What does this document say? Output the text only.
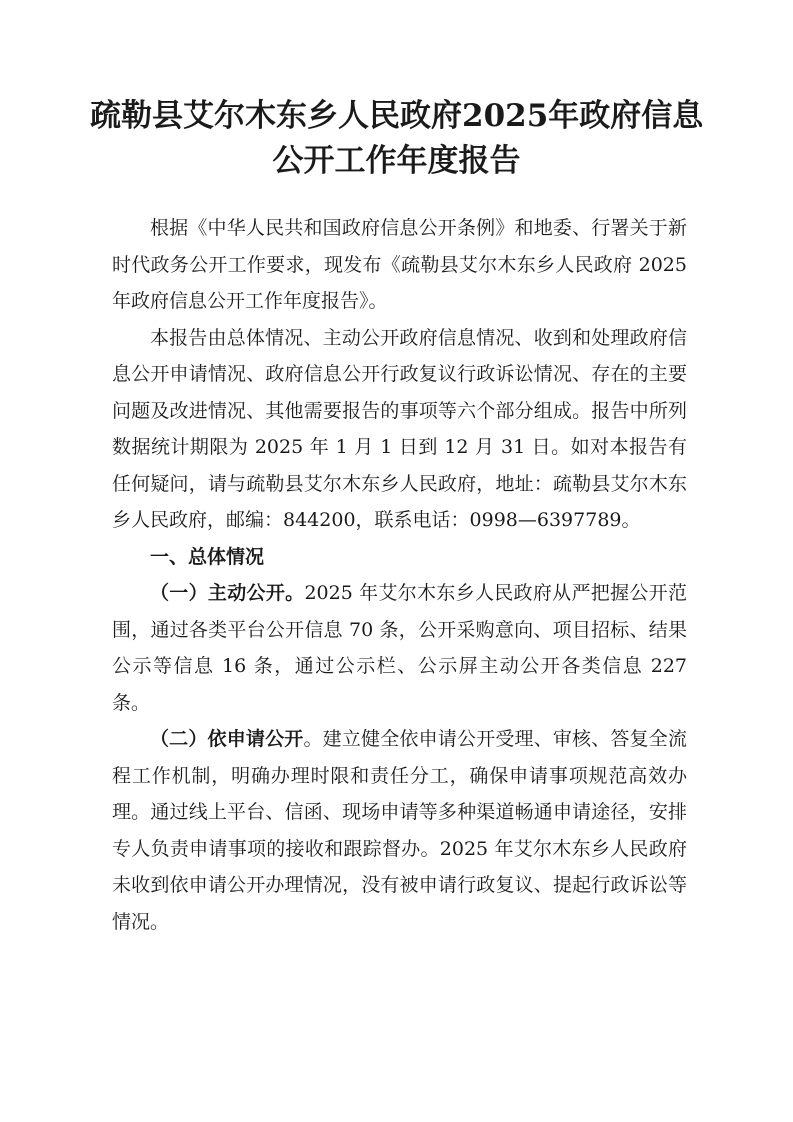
疏勒县艾尔木东乡人民政府2025年政府信息
公开工作年度报告

根据《中华人民共和国政府信息公开条例》和地委、行署关于新时代政务公开工作要求，现发布《疏勒县艾尔木东乡人民政府 2025 年政府信息公开工作年度报告》。

本报告由总体情况、主动公开政府信息情况、收到和处理政府信息公开申请情况、政府信息公开行政复议行政诉讼情况、存在的主要问题及改进情况、其他需要报告的事项等六个部分组成。报告中所列数据统计期限为 2025 年 1 月 1 日到 12 月 31 日。如对本报告有任何疑问，请与疏勒县艾尔木东乡人民政府，地址：疏勒县艾尔木东乡人民政府，邮编：844200，联系电话：0998—6397789。

一、总体情况

（一）主动公开。2025 年艾尔木东乡人民政府从严把握公开范围，通过各类平台公开信息 70 条，公开采购意向、项目招标、结果公示等信息 16 条，通过公示栏、公示屏主动公开各类信息 227 条。

（二）依申请公开。建立健全依申请公开受理、审核、答复全流程工作机制，明确办理时限和责任分工，确保申请事项规范高效办理。通过线上平台、信函、现场申请等多种渠道畅通申请途径，安排专人负责申请事项的接收和跟踪督办。2025 年艾尔木东乡人民政府未收到依申请公开办理情况，没有被申请行政复议、提起行政诉讼等情况。
